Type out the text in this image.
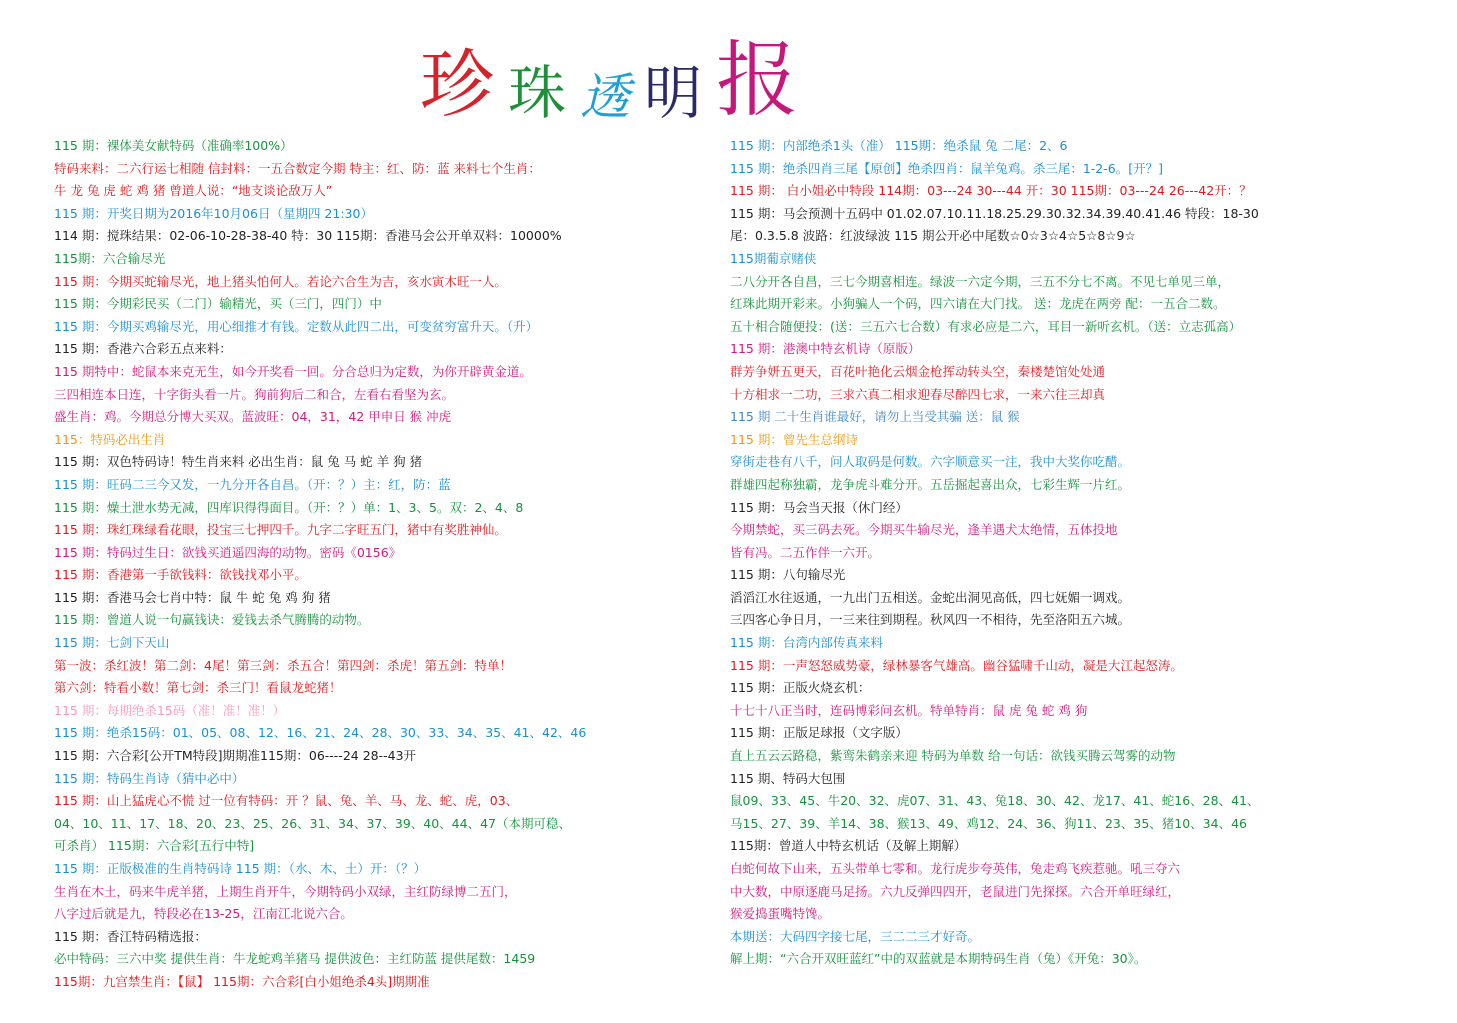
珍 珠 透 明 报
115 期：裸体美女献特码（准确率100%）
特码来料：二六行运七相随 信封料：一五合数定今期 特主：红、防：蓝 来料七个生肖：
牛 龙 兔 虎 蛇 鸡 猪 曾道人说：“地支谈论敌万人”
115 期：开奖日期为2016年10月06日（星期四 21:30）
114 期：搅珠结果：02-06-10-28-38-40 特：30 115期：香港马会公开单双料：10000%
115期：六合输尽光
115 期：今期买蛇输尽光，地上猪头怕何人。若论六合生为吉，亥水寅木旺一人。
115 期：今期彩民买（二门）输精光，买（三门，四门）中
115 期：今期买鸡输尽光，用心细推才有钱。定数从此四二出，可变贫穷富升天。（升）
115 期：香港六合彩五点来料：
115 期特中：蛇鼠本来克无生，如今开奖看一回。分合总归为定数，为你开辟黄金道。
三四相连本日连，十字街头看一片。狗前狗后二和合，左看右看坚为玄。
盛生肖：鸡。今期总分博大买双。蓝波旺：04，31，42 甲申日 猴 冲虎
115：特码必出生肖
115 期：双色特码诗！特生肖来料 必出生肖：鼠 兔 马 蛇 羊 狗 猪
115 期：旺码二三今又发，一九分开各自昌。（开：？）主：红，防：蓝
115 期：燥土泄水势无减，四库识得得面目。（开：？）单：1、3、5。双：2、4、8
115 期：珠红珠绿看花眼，投宝三七押四千。九字二字旺五门，猪中有奖胜神仙。
115 期：特码过生日：欲钱买逍遥四海的动物。密码《0156》
115 期：香港第一手欲钱料：欲钱找邓小平。
115 期：香港马会七肖中特：鼠 牛 蛇 兔 鸡 狗 猪
115 期：曾道人说一句赢钱诀：爱钱去杀气腾腾的动物。
115 期：七剑下天山
第一波：杀红波！第二剑：4尾！第三剑：杀五合！第四剑：杀虎！第五剑：特单！
第六剑：特看小数！第七剑：杀三门！看鼠龙蛇猪！
115 期：每期绝杀15码（准！准！准！）
115 期：绝杀15码：01、05、08、12、16、21、24、28、30、33、34、35、41、42、46
115 期：六合彩[公开TM特段]期期准115期：06----24 28--43开
115 期：特码生肖诗（猜中必中）
115 期：山上猛虎心不慌 过一位有特码：开 ？鼠、兔、羊、马、龙、蛇、虎，03、
04、10、11、17、18、20、23、25、26、31、34、37、39、40、44、47（本期可稳、
可杀肖） 115期：六合彩[五行中特]
115 期：正版极准的生肖特码诗 115 期：（水、木、土）开：（？）
生肖在木土，码来牛虎羊猪，上期生肖开牛，今期特码小双绿，主红防绿博二五门，
八字过后就是九，特段必在13-25，江南江北说六合。
115 期：香江特码精选报：
必中特码：三六中奖 提供生肖：牛龙蛇鸡羊猪马 提供波色：主红防蓝 提供尾数：1459
115期：九宫禁生肖：【鼠】 115期：六合彩[白小姐绝杀4头]期期准
115 期：内部绝杀1头（准） 115期：绝杀鼠 兔 二尾：2、6
115 期：绝杀四肖三尾【原创】绝杀四肖：鼠羊兔鸡。杀三尾：1-2-6。[开？]
115 期： 白小姐必中特段 114期：03---24 30---44 开：30 115期：03---24 26---42开：？
115 期：马会预测十五码中 01.02.07.10.11.18.25.29.30.32.34.39.40.41.46 特段：18-30
尾：0.3.5.8 波路：红波绿波 115 期公开必中尾数☆0☆3☆4☆5☆8☆9☆
115期葡京赌侠
二八分开各自昌，三七今期喜相连。绿波一六定今期，三五不分七不离。不见七单见三单，
红珠此期开彩来。小狗骗人一个码，四六请在大门找。 送：龙虎在两旁 配：一五合二数。
五十相合随便投：(送：三五六七合数）有求必应是二六，耳目一新听玄机。（送：立志孤高）
115 期：港澳中特玄机诗（原版）
群芳争妍五更天，百花叶艳化云烟金枪挥动转头空，秦楼楚馆处处通
十方相求一二功，三求六真二相求迎春尽醉四七求，一来六往三却真
115 期 二十生肖谁最好，请勿上当受其骗 送：鼠 猴
115 期：曾先生总纲诗
穿街走巷有八千，问人取码是何数。六字顺意买一注，我中大奖你吃醋。
群雄四起称独霸，龙争虎斗难分开。五岳掘起喜出众，七彩生辉一片红。
115 期：马会当天报（休门经）
今期禁蛇，买三码去死。今期买牛输尽光，逢羊遇犬太绝情，五体投地
皆有冯。二五作伴一六开。
115 期：八句输尽光
滔滔江水往返通，一九出门五相送。金蛇出洞见高低，四七妩媚一调戏。
三四客心争日月，一三来往到期程。秋风四一不相待，先至洛阳五六城。
115 期：台湾内部传真来料
115 期：一声怒怒威势豪，绿林暴客气雄高。幽谷猛啸千山动，凝是大江起怒涛。
115 期：正版火烧玄机：
十七十八正当时，连码博彩问玄机。特单特肖：鼠 虎 兔 蛇 鸡 狗
115 期：正版足球报（文字版）
直上五云云路稳，紫鸾朱鹤亲来迎 特码为单数 给一句话：欲钱买腾云驾雾的动物
115 期、特码大包围
鼠09、33、45、牛20、32、虎07、31、43、兔18、30、42、龙17、41、蛇16、28、41、
马15、27、39、羊14、38、猴13、49、鸡12、24、36、狗11、23、35、猪10、34、46
115期：曾道人中特玄机话（及解上期解）
白蛇何故下山来，五头带单七零和。龙行虎步夸英伟，兔走鸡飞疾惹驰。吼三夺六
中大数，中原逐鹿马足扬。六九反弹四四开，老鼠进门先探探。六合开单旺绿红，
猴爱捣蛋嘴特馋。
本期送：大码四字接七尾，三二二三才好奇。
解上期：“六合开双旺蓝红”中的双蓝就是本期特码生肖（兔）《开兔：30》。
